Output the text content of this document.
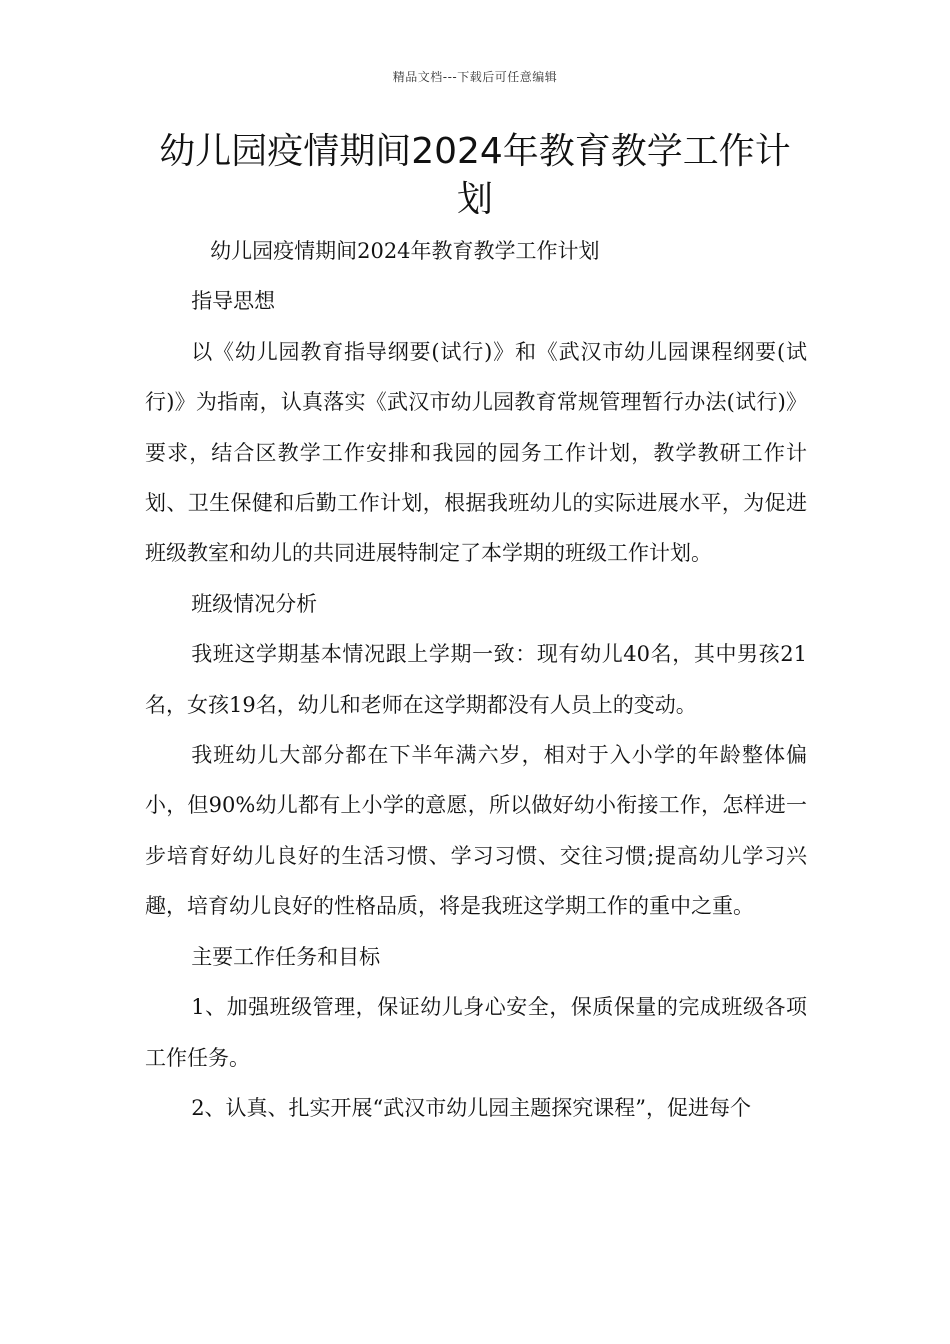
精品文档---下载后可任意编辑
幼儿园疫情期间2024年教育教学工作计划

幼儿园疫情期间2024年教育教学工作计划

指导思想

以《幼儿园教育指导纲要(试行)》和《武汉市幼儿园课程纲要(试行)》为指南，认真落实《武汉市幼儿园教育常规管理暂行办法(试行)》要求，结合区教学工作安排和我园的园务工作计划，教学教研工作计划、卫生保健和后勤工作计划，根据我班幼儿的实际进展水平，为促进班级教室和幼儿的共同进展特制定了本学期的班级工作计划。

班级情况分析

我班这学期基本情况跟上学期一致：现有幼儿40名，其中男孩21名，女孩19名，幼儿和老师在这学期都没有人员上的变动。

我班幼儿大部分都在下半年满六岁，相对于入小学的年龄整体偏小，但90%幼儿都有上小学的意愿，所以做好幼小衔接工作，怎样进一步培育好幼儿良好的生活习惯、学习习惯、交往习惯;提高幼儿学习兴趣，培育幼儿良好的性格品质，将是我班这学期工作的重中之重。

主要工作任务和目标

1、加强班级管理，保证幼儿身心安全，保质保量的完成班级各项工作任务。

2、认真、扎实开展“武汉市幼儿园主题探究课程”，促进每个
